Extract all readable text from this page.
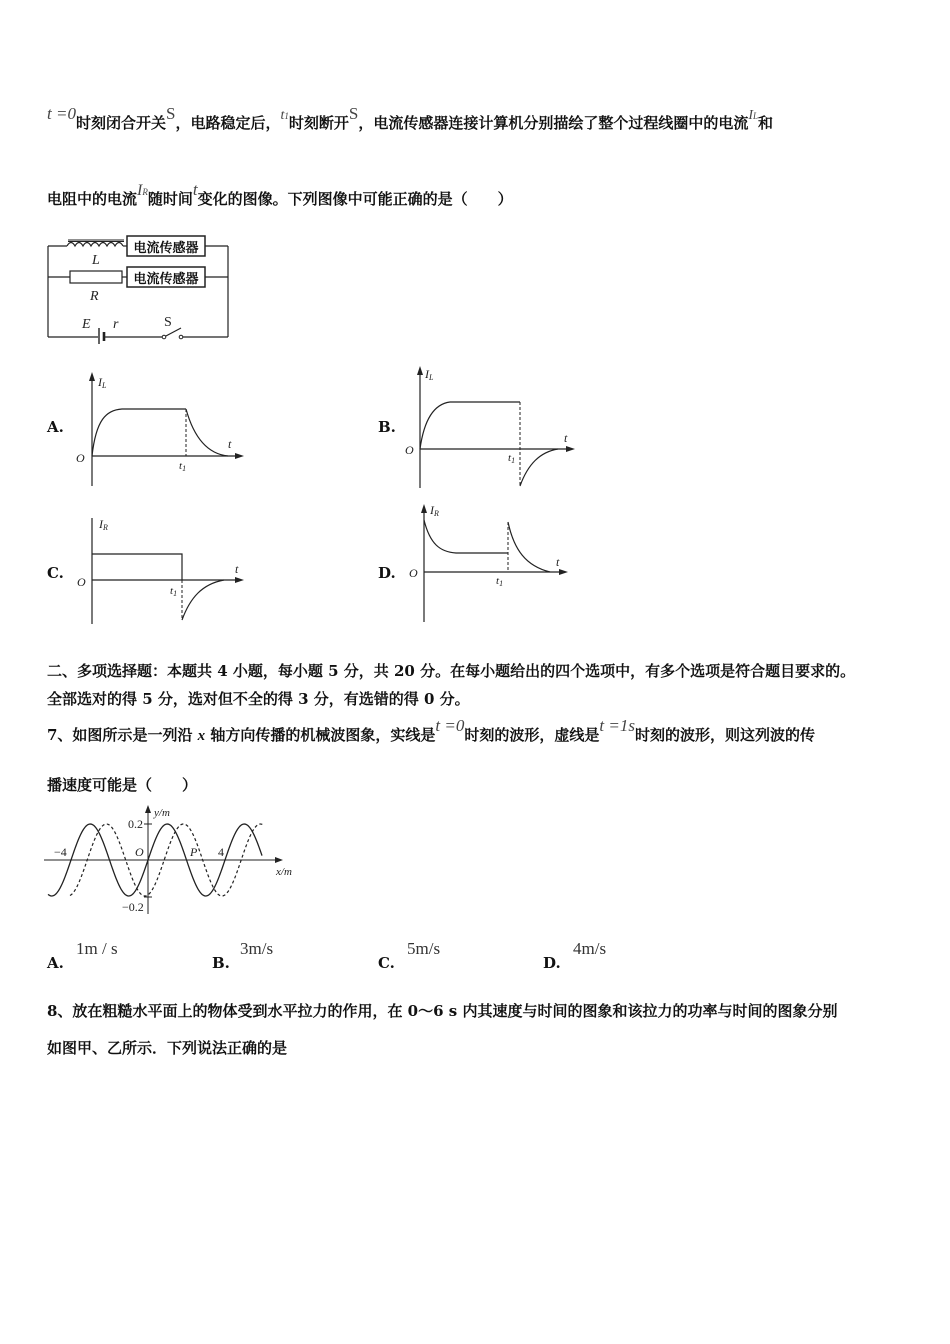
t =0时刻闭合开关S，电路稳定后，t1时刻断开S，电流传感器连接计算机分别描绘了整个过程线圈中的电流IL和
电阻中的电流IR随时间t变化的图像。下列图像中可能正确的是（　　）
电流传感器
电流传感器
L
R
E r	S
A.	B.
C.	D.
IL
t
O
t1
IL
t
O
t1
IR
t
O
t1
IR
t
O
t1
二、多项选择题：本题共 4 小题，每小题 5 分，共 20 分。在每小题给出的四个选项中，有多个选项是符合题目要求的。
全部选对的得 5 分，选对但不全的得 3 分，有选错的得 0 分。
7、如图所示是一列沿 x 轴方向传播的机械波图象，实线是t =0时刻的波形，虚线是t =1s时刻的波形，则这列波的传
播速度可能是（　　）
y/m
x/m
0.2
−0.2
−4	4
O	P
A.
1m / s
B.
3m/s
C.
5m/s
D.
4m/s
8、放在粗糙水平面上的物体受到水平拉力的作用，在 0～6 s 内其速度与时间的图象和该拉力的功率与时间的图象分别
如图甲、乙所示．下列说法正确的是
